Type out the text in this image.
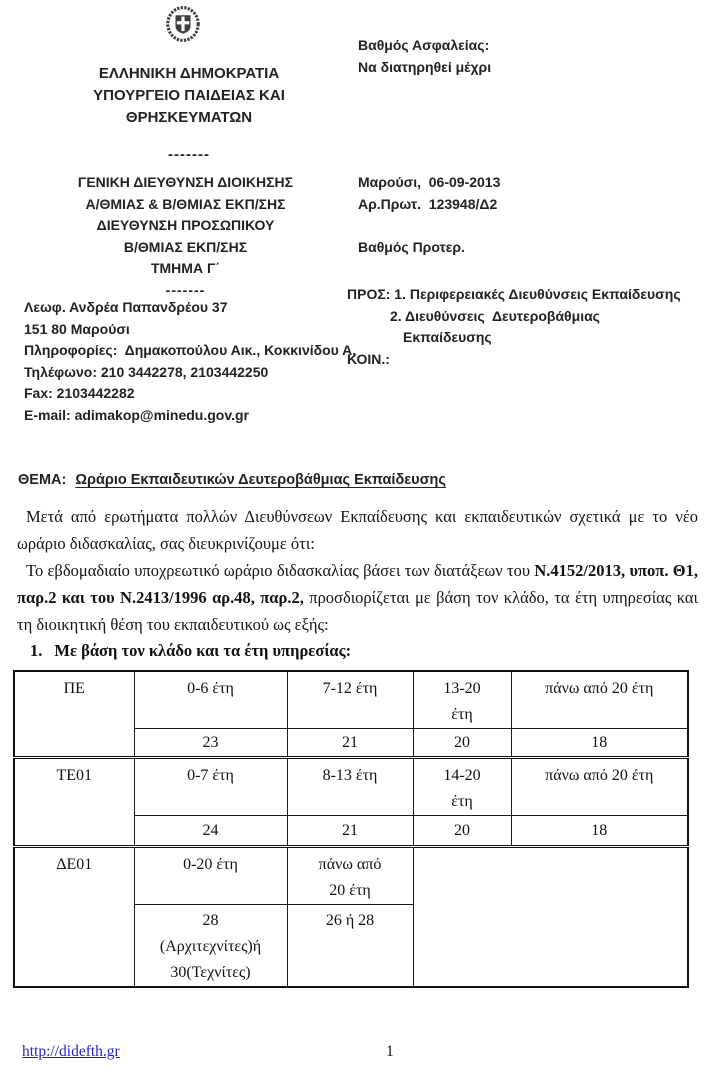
ΕΛΛΗΝΙΚΗ ΔΗΜΟΚΡΑΤΙΑ
ΥΠΟΥΡΓΕΙΟ ΠΑΙΔΕΙΑΣ ΚΑΙ ΘΡΗΣΚΕΥΜΑΤΩΝ
-------
Βαθμός Ασφαλείας:
Να διατηρηθεί μέχρι
ΓΕΝΙΚΗ ΔΙΕΥΘΥΝΣΗ ΔΙΟΙΚΗΣΗΣ
Α/ΘΜΙΑΣ & Β/ΘΜΙΑΣ ΕΚΠ/ΣΗΣ
ΔΙΕΥΘΥΝΣΗ ΠΡΟΣΩΠΙΚΟΥ
Β/ΘΜΙΑΣ ΕΚΠ/ΣΗΣ
ΤΜΗΜΑ Γ΄
-------
Μαρούσι,  06-09-2013
Αρ.Πρωτ.  123948/Δ2
Βαθμός Προτερ.
Λεωφ. Ανδρέα Παπανδρέου 37
151 80 Μαρούσι
Πληροφορίες:  Δημακοπούλου Αικ., Κοκκινίδου Α.
Τηλέφωνο: 210 3442278, 2103442250
Fax: 2103442282
E-mail: adimakop@minedu.gov.gr
ΠΡΟΣ: 1. Περιφερειακές Διευθύνσεις Εκπαίδευσης
2. Διευθύνσεις  Δευτεροβάθμιας
Εκπαίδευσης
ΚΟΙΝ.:
ΘΕΜΑ: Ωράριο Εκπαιδευτικών Δευτεροβάθμιας Εκπαίδευσης

Μετά από ερωτήματα πολλών Διευθύνσεων Εκπαίδευσης και εκπαιδευτικών σχετικά με το νέο ωράριο διδασκαλίας, σας διευκρινίζουμε ότι:

Το εβδομαδιαίο υποχρεωτικό ωράριο διδασκαλίας βάσει των διατάξεων του Ν.4152/2013, υποπ. Θ1, παρ.2 και του Ν.2413/1996 αρ.48, παρ.2, προσδιορίζεται με βάση τον κλάδο, τα έτη υπηρεσίας και τη διοικητική θέση του εκπαιδευτικού ως εξής:

1. Με βάση τον κλάδο και τα έτη υπηρεσίας:
ΠΕ	0-6 έτη	7-12 έτη	13-20 έτη	πάνω από 20 έτη
	23	21	20	18
ΤΕ01	0-7 έτη	8-13 έτη	14-20 έτη	πάνω από 20 έτη
	24	21	20	18
ΔΕ01	0-20 έτη	πάνω από
20 έτη		

	28
(Αρχιτεχνίτες)ή
30(Τεχνίτες)	26 ή 28		
http://didefth.gr	1
